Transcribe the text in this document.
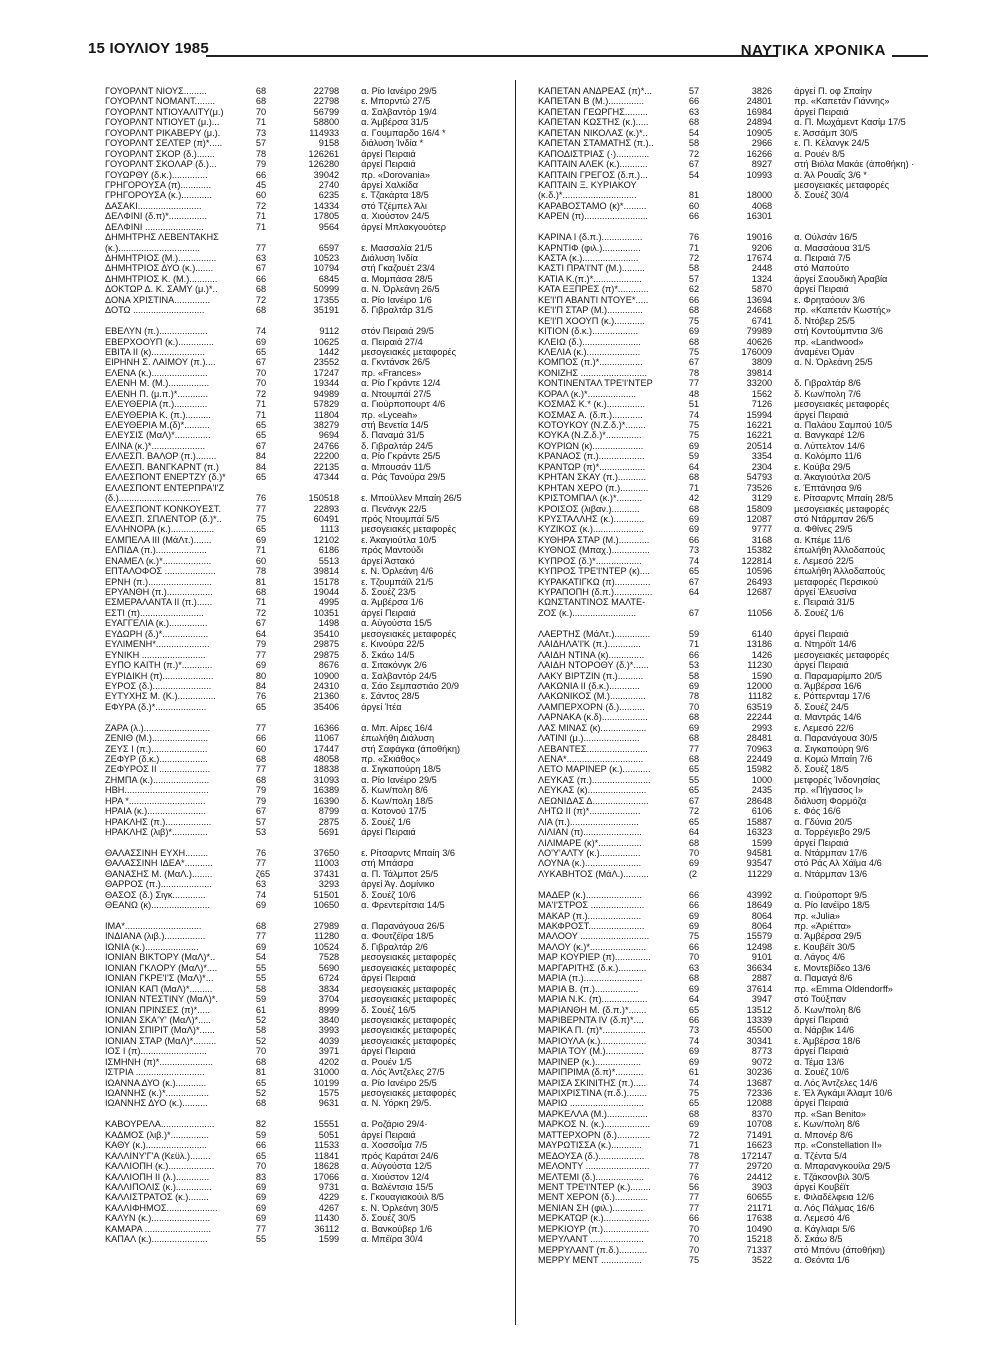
15 ΙΟΥΛΙΟΥ 1985	ΝΑΥΤΙΚΑ ΧΡΟΝΙΚΑ
ΓΟΥΟΡΛΝΤ ΝΙΟΥΣ.........	68	22798	α. Ρίο Ιανέιρο 29/5
ΓΟΥΟΡΛΝΤ ΝΟΜΑΝΤ........	68	22798	ε. Μπορντώ 27/5
ΓΟΥΟΡΛΝΤ ΝΤΙΟΥΑΛΙΤΥ(μ.)	70	56799	α. Σαλβαντόρ 19/4
ΓΟΥΟΡΛΝΤ ΝΤΙΟΥΕΤ (μ.)...	71	58800	α. Άμβέρσα 31/5
ΓΟΥΟΡΛΝΤ ΡΙΚΑΒΕΡΥ (μ.).	73	114933	α. Γουμπαρδο 16/4 *
ΓΟΥΟΡΛΝΤ ΣΕΛΤΕΡ (π)*.....	57	9158	διάλυση Ίνδία *
ΓΟΥΟΡΛΝΤ ΣΚΟΡ (δ.).......	78	126261	άργεί Πειραιά
ΓΟΥΟΡΛΝΤ ΣΚΟΛΑΡ (δ.)...	79	126280	άργεί Πειραιά
ΓΟΥΩΡΘΥ (δ.κ.)..............	66	39042	πρ. «Dorovania»
ΓΡΗΓΟΡΟΥΣΑ (π)............	45	2740	άργεί Χαλκίδα
ΓΡΗΓΟΡΟΥΣΑ (κ.)............	60	6235	ε. Τζακάρτα 18/5
ΔΑΣΑΚΙ.........................	72	14334	στό Τζέμπελ Άλι
ΔΕΛΦΙΝΙ (δ.π)*...............	71	17805	α. Χιούστον 24/5
ΔΕΛΦΙΝΙ .......................	71	9564	άργεί Μπλακγουότερ
ΔΗΜΗΤΡΗΣ ΛΕΒΕΝΤΑΚΗΣ
(κ.)................................	77	6597	ε. Μασσαλία 21/5
ΔΗΜΗΤΡΙΟΣ (Μ.)...............	63	10523	Διάλυση Ίνδία
ΔΗΜΗΤΡΙΟΣ ΔΥΟ (κ.).......	67	10794	στή Γκαζουέτ 23/4
ΔΗΜΗΤΡΙΟΣ Κ. (Μ.)...........	66	6845	α. Μομπάσα 28/5
ΔΟΚΤΩΡ Δ. Κ. ΣΑΜΥ (μ.)*..	68	50999	α. Ν. Όρλεάνη 26/5
ΔΟΝΑ ΧΡΙΣΤΙΝΑ..............	72	17355	α. Ρίο Ιανέιρο 1/6
ΔΟΤΩ ............................	68	35191	δ. Γιβραλτάρ 31/5
ΕΒΕΛΥΝ (π.)...................	74	9112	στόν Πειραιά 29/5
ΕΒΕΡΧΟΟΥΠ (κ.)..............	69	10625	α. Πειραιά 27/4
ΕΒΙΤΑ ΙΙ (κ).....................	65	1442	μεσογειακές μεταφορές
ΕΙΡΗΝΗ Σ. ΛΑΙΜΟΥ (π.)....	67	23552	α. Γκντάνσκ 26/5
ΕΛΕΝΑ (κ.)......................	70	17247	πρ. «Frances»
ΕΛΕΝΗ Μ. (Μ.)................	70	19344	α. Ρίο Γκράντε 12/4
ΕΛΕΝΗ Π. (μ.π.)*............	72	94989	α. Ντουμπάί 27/5
ΕΛΕΥΘΕΡΙΑ (π.).............	71	57829	α. Γιούρποπουρτ 4/6
ΕΛΕΥΘΕΡΙΑ Κ. (π.)..........	71	11804	πρ. «Lyceah»
ΕΛΕΥΘΕΡΙΑ Μ.(δ)*..........	65	38279	στή Βενετία 14/5
ΕΛΕΥΣΙΣ (ΜαΛ)*..............	65	9694	δ. Παναμά 31/5
ΕΛΙΝΑ (κ.)*.....................	67	24766	δ. Γιβραλτάρ 24/5
ΕΛΛΕΣΠ. ΒΑΛΟΡ (π.)........	84	22200	α. Ρίο Γκράντε 25/5
ΕΛΛΕΣΠ. ΒΑΝΓΚΑΡΝΤ (π.)	84	22135	α. Μπουσάν 11/5
ΕΛΛΕΣΠΟΝΤ ΕΝΕΡΤΖΥ (δ.)*	65	47344	α. Ράς Τανούρα 29/5
ΕΛΛΕΣΠΟΝΤ ΕΝΤΕΡΠΡΑ'Ι'Ζ
(δ.)................................	76	150518	ε. Μπούλλεν Μπαίη 26/5
ΕΛΛΕΣΠΟΝΤ ΚΟΝΚΟΥΕΣΤ.	77	22893	α. Πενάνγκ 22/5
ΕΛΛΕΣΠ. ΣΠΛΕΝΤΟΡ (δ.)*..	75	60491	πρός Ντουμπάί 5/5
ΕΛΛΗΝΟΡΑ (κ.).................	65	1113	μεσογειακές μεταφορές
ΕΛΜΠΕΛΑ ΙΙΙ (ΜάΛτ.).......	69	12102	ε. Άκαγιούτλα 10/5
ΕΛΠΙΔΑ (π.)....................	71	6186	πρός Μαντούδι
ΕΝΑΜΕΛ (κ.)*...................	60	5513	άργεί Άστακό
ΕΠΤΑΛΟΦΟΣ ....................	78	39814	ε. Ν. Όρλεάνη 4/6
ΕΡΝΗ (π.).........................	81	15178	ε. Τζουμπάϊλ 21/5
ΕΡΥΑΝΘΗ (π.)..................	68	19044	δ. Σουέζ 23/5
ΕΣΜΕΡΑΛΑΝΤΑ ΙΙ (π.)......	71	4995	α. Άμβέρσα 1/6
ΕΣΤΙ (π).........................	72	10351	άργεί Πειραιά
ΕΥΑΓΓΕΛΙΑ (κ.)...............	67	1498	α. Αύγούστα 15/5
ΕΥΔΩΡΗ (δ.)*..................	64	35410	μεσογειακές μεταφορές
ΕΥΛΙΜΕΝΗ*.....................	79	29875	ε. Κινούρα 22/5
ΕΥΝΙΚΗ .........................	77	29875	δ. Σκάω 14/5
ΕΥΠΟ ΚΑΙΤΗ (π.)*............	69	8676	α. Σιτακόνγκ 2/6
ΕΥΡΙΔΙΚΗ (π)....................	80	10900	α. Σαλβαντόρ 24/5
ΕΥΡΟΣ (δ.).......................	84	24310	α. Σάο Σεμπαστιάο 20/9
ΕΥΤΥΧΗΣ Μ. (Κ.)...............	76	21360	ε. Σάντος 28/5
ΕΦΥΡΑ (δ.)*....................	65	35406	άργεί Ίτέα
ΖΑΡΑ (λ.)..........................	77	16366	α. Μπ. Αίρες 16/4
ΖΕΝΙΘ (Μ.)......................	66	11067	έπωλήθη Διάλυση
ΖΕΥΣ Ι (π.)......................	60	17447	στή Σαφάγκα (άποθήκη)
ΖΕΦΥΡ (δ.κ.)...................	68	48058	πρ. «Σκιάθος»
ΖΕΦΥΡΟΣ ΙΙ ....................	77	18838	α. Σιγκαπούρη 18/5
ΖΗΜΠΑ (κ.)......................	68	31093	α. Ρίο Ιανέιρο 29/5
ΗΒΗ.................................	79	16389	δ. Κων/πολη 8/6
ΗΡΑ *..............................	79	16390	δ. Κων/πολη 18/5
ΗΡΑΙΑ (κ.).......................	67	8799	α. Κοτονού 17/5
ΗΡΑΚΛΗΣ (π.)..................	57	2875	δ. Σουέζ 1/6
ΗΡΑΚΛΗΣ (λιβ)*..............	53	5691	άργεί Πειραιά
ΘΑΛΑΣΣΙΝΗ ΕΥΧΗ.........	76	37650	ε. Ρίτσαρντς Μπαίη 3/6
ΘΑΛΑΣΣΙΝΗ ΙΔΕΑ*...........	77	11003	στή Μπάσρα
ΘΑΝΑΣΗΣ Μ. (ΜαΛ.)........	ζ65	37431	α. Π. Τάλμποτ 25/5
ΘΑΡΡΟΣ (π.)....................	63	3293	άργεί Άγ. Δομίνικο
ΘΑΣΟΣ (δ.) Σιγκ.............	74	51501	δ. Σουέζ 10/6
ΘΕΑΝΩ (κ).......................	69	10650	α. Φρεντερίτσια 14/5
ΙΜΑ*..............................	68	27989	α. Παρανάγουα 26/5
ΙΝΔΙΑΝΑ (λιβ.)................	77	11280	α. Φουτζέϊρα 18/5
ΙΩΝΙΑ (κ.).....................	69	10524	δ. Γιβραλτάρ 2/6
ΙΟΝΙΑΝ ΒΙΚΤΟΡΥ (ΜαΛ)*..	54	7528	μεσογειακές μεταφορές
ΙΟΝΙΑΝ ΓΚΛΟΡΥ (ΜαΛ)*....	55	5690	μεσογειακές μεταφορές
ΙΟΝΙΑΝ ΓΚΡΕ'Ι'Σ (ΜαΛ)*...	55	6724	άργεί Πειραιά
ΙΟΝΙΑΝ ΚΑΠ (ΜαΛ)*.........	58	3834	μεσογειακές μεταφορές
ΙΟΝΙΑΝ ΝΤΕΣΤΙΝΥ (ΜαΛ)*.	59	3704	μεσογειακές μεταφορές
ΙΟΝΙΑΝ ΠΡΙΝΣΕΣ (π)*.....	61	8999	δ. Σουέζ 16/5
ΙΟΝΙΑΝ ΣΚΑ'Υ' (ΜαΛ)*.....	52	3840	μεσογειακές μεταφορές
ΙΟΝΙΑΝ ΣΠΙΡΙΤ (ΜαΛ)*......	58	3993	μεσογειακές μεταφορές
ΙΟΝΙΑΝ ΣΤΑΡ (ΜαΛ)*.........	52	4039	μεσογειακές μεταφορές
ΙΟΣ Ι (π)..........................	70	3971	άργεί Πειραιά
ΙΣΜΗΝΗ (π)*.....................	68	4202	α. Ρουέν 1/5
ΙΣΤΡΙΑ ...........................	81	31000	α. Λός Άντζελες 27/5
ΙΩΑΝΝΑ ΔΥΟ (κ.)............	65	10199	α. Ρίο Ιανέιρο 25/5
ΙΩΑΝΝΗΣ (κ.)*.................	52	1575	μεσογειακές μεταφορές
ΙΩΑΝΝΗΣ ΔΥΟ (κ.)..........	68	9631	α. Ν. Υόρκη 29/5.
ΚΑΒΟΥΡΕΛΑ.....................	82	15551	α. Ροζάριο 29/4·
ΚΑΔΜΟΣ (λιβ.)*...............	59	5051	άργεί Πειραιά
ΚΑΘΥ (κ.)........................	66	11533	α. Χοσσοΐμα 7/5
ΚΑΛΛΙΝΥ'Γ'Α (Κεϋλ.)........	65	11841	πρός Καράτσι 24/6
ΚΑΛΛΙΟΠΗ (κ.)..................	70	18628	α. Αύγούστα 12/5
ΚΑΛΛΙΟΠΗ ΙΙ (λ.).............	83	17066	α. Χιούστον 12/4
ΚΑΛΛΙΠΟΛΙΣ (κ.)..............	69	9731	α. Βαλέντσια 15/5
ΚΑΛΛΙΣΤΡΑΤΟΣ (κ.)........	69	4229	ε. Γκουαγιακούιλ 8/5
ΚΑΛΛΙΦΗΜΟΣ....................	69	4267	ε. Ν. Όρλεάνη 30/5
ΚΑΛΥΝ (κ.).......................	69	11430	δ. Σουέζ 30/5
ΚΑΜΑΡΑ ..........................	77	36112	α. Βανκούβερ 1/6
ΚΑΠΑΛ (κ.)......................	55	1599	α. Μπέϊρα 30/4
ΚΑΠΕΤΑΝ ΑΝΔΡΕΑΣ (π)*...	57	3826	άργεί Π. οφ Σπαίην
ΚΑΠΕΤΑΝ Β (Μ.)..............	66	24801	πρ. «Καπετάν Γιάννης»
ΚΑΠΕΤΑΝ ΓΕΩΡΓΗΣ.........	63	16984	άργεί Πειραιά
ΚΑΠΕΤΑΝ ΚΩΣΤΗΣ (κ.).....	68	24894	α. Π. Μωχάμεντ Κασίμ 17/5
ΚΑΠΕΤΑΝ ΝΙΚΟΛΑΣ (κ.)*..	54	10905	ε. Άσσάμπ 30/5
ΚΑΠΕΤΑΝ ΣΤΑΜΑΤΗΣ (π.)..	58	2966	ε. Π. Κέλανγκ 24/5
ΚΑΠΟΔΙΣΤΡΙΑΣ (·).............	72	16266	α. Ρουέν 8/5
ΚΑΠΤΑΙΝ ΑΛΕΚ (κ.)...........	67	8927	στή Βιόλα Μακάε (άποθήκη) ·
ΚΑΠΤΑΙΝ ΓΡΕΓΟΣ (δ.π.)...	54	10993	α. Άλ Ρουαΐς 3/6 *
ΚΑΠΤΑΙΝ Ξ. ΚΥΡΙΑΚΟΥ	μεσογειακές μεταφορές
(κ.δ.)*.............................	81	18000	δ. Σουέζ 30/4
ΚΑΡΑΒΟΣΤΑΜΟ (κ)*.........	60	4068
ΚΑΡΕΝ (π).........................	66	16301
ΚΑΡΙΝΑ Ι (δ.π.)................	76	19016	α. Ούλσάν 16/5
ΚΑΡΝΤΙΦ (φιλ.)...............	71	9206	α. Μασσάουα 31/5
ΚΑΣΤΑ (κ.)......................	72	17674	α. Πειραιά 7/5
ΚΑΣΤΙ ΠΡΑ'Ι'ΝΤ (Μ.).........	58	2448	στό Μαπούτο
ΚΑΤΙΑ Κ.(π.)*...................	57	1324	άργεί Σαουδική Άραβία
ΚΑΤΑ ΕΞΠΡΕΣ (π)*............	62	5870	άργεί Πειραιά
ΚΕ'Ι'Π ΑΒΑΝΤΙ ΝΤΟΥΕ*.....	66	13694	ε. Φρηταόουν 3/6
ΚΕ'Ι'Π ΣΤΑΡ (Μ.)..............	68	24668	πρ. «Καπετάν Κωστής»
ΚΕ'Ι'Π ΧΟΟΥΠ (κ.)............	75	6741	δ. Ντόβερ 25/5
ΚΙΤΙΟΝ (δ.κ.)..................	69	79989	στή Κοντούμπντια 3/6
ΚΛΕΙΩ (δ.).......................	68	40626	πρ. «Landwood»
ΚΛΕΛΙΑ (κ.).....................	75	176009	άναμένει Όμάν
ΚΟΜΠΟΣ (π.)*.................	67	3809	α. Ν. Όρλεάνη 25/5
ΚΟΝΙΖΗΣ ..........................	78	39814
ΚΟΝΤΙΝΕΝΤΑΛ ΤΡΕ'Ι'ΝΤΕΡ	77	33200	δ. Γιβραλτάρ 8/6
ΚΟΡΑΛ (κ.)*...................	48	1562	δ. Κων/πολη 7/6
ΚΟΣΜΑΣ Κ.* (κ.)...............	51	7126	μεσογειακές μεταφορές
ΚΟΣΜΑΣ Α. (δ.π.)............	74	15994	άργεί Πειραιά
ΚΟΤΟΥΚΟΥ (Ν.Ζ.δ.)*........	75	16221	α. Παλάου Σαμπού 10/5
ΚΟΥΚΑ (Ν.Ζ.δ.)*..............	75	16221	α. Βανγκαρέ 12/6
ΚΟΥΡΙΩΝ (κ)....................	69	20514	α. Λύττελτον 14/6
ΚΡΑΝΑΟΣ (π.)..................	59	3354	α. Κολόμπο 11/6
ΚΡΑΝΤΩΡ (π)*..................	64	2304	ε. Κούβα 29/5
ΚΡΗΤΑΝ ΣΚΑΥ (π.)...........	68	54793	α. Άκαγιούτλα 20/5
ΚΡΗΤΑΝ ΧΕΡΟ (π.)...........	71	73526	ε. Έπτάνησα 9/6
ΚΡΙΣΤΟΜΠΑΛ (κ.)*..........	42	3129	ε. Ρίτσαρντς Μπαίη 28/5
ΚΡΟΙΣΟΣ (λιβαν.)...........	68	15809	μεσογειακές μεταφορές
ΚΡΥΣΤΑΛΛΗΣ (κ.)............	69	12087	στό Ντάρμπαν 26/5
ΚΥΖΙΚΟΣ (κ.)....................	69	9777	α. Φθίνες 29/5
ΚΥΘΗΡΑ ΣΤΑΡ (Μ.)............	66	3168	α. Κπέμε 11/6
ΚΥΘΝΟΣ (Μπαχ.)...............	73	15382	έπωλήθη Άλλοδαπούς
ΚΥΠΡΟΣ (δ.)*..................	74	122814	ε. Λεμεσό 22/5
ΚΥΠΡΟΣ ΤΡΕ'Ι'ΝΤΕΡ (κ)....	65	10596	έπωλήθη Άλλοδαπούς
ΚΥΡΑΚΑΤΙΓΚΩ (π)..............	67	26493	μεταφορές Περσικού
ΚΥΡΑΠΟΠΗ (δ.π.)...............	64	12687	άργεί Έλευσίνα
ΚΩΝΣΤΑΝΤΙΝΟΣ ΜΑΛΤΕ-	ε. Πειραιά 31/5
ΖΟΣ (κ.).........................	67	11056	δ. Σουέζ 1/6
ΛΑΕΡΤΗΣ (ΜάΛτ.)..............	59	6140	άργεί Πειραιά
ΛΑΙΔΗΛΑ'Ι'Κ (π.).............	71	13186	α. Ντηρόϊτ 14/6
ΛΑΙΔΗ ΝΤΙΝΑ (κ)..............	66	1426	μεσογειακές μεταφορές
ΛΑΙΔΗ ΝΤΟΡΟΘΥ (δ.)*......	53	11230	άργεί Πειραιά
ΛΑΚΥ ΒΙΡΤΖΙΝ (π.)..........	58	1590	α. Παραμαρίμπο 20/5
ΛΑΚΩΝΙΑ ΙΙ (δ.κ.)............	69	12000	α. Άμβέρσα 16/6
ΛΑΚΩΝΙΚΟΣ (Μ.)..............	78	11182	ε. Ρόττερνταμ 17/6
ΛΑΜΠΕΡΧΟΡΝ (δ.)..........	70	63519	δ. Σουέζ 24/5
ΛΑΡΝΑΚΑ (κ.δ)..................	68	22244	α. Μαντράς 14/6
ΛΑΣ ΜΙΝΑΣ (κ)..................	69	2993	ε. Λεμεσό 22/6
ΛΑΤΙΝΙ (μ.)......................	68	28481	α. Παρανάγουα 30/5
ΛΕΒΑΝΤΕΣ........................	77	70963	α. Σιγκαπούρη 9/6
ΛΕΝΑ*..............................	68	22449	α. Κομώ Μπαίη 7/6
ΛΕΤΟ ΜΑΡΙΝΕΡ (κ.)...........	65	15982	δ. Σουέζ 18/5
ΛΕΥΚΑΣ (π.).......................	55	1000	μετφορές Ίνδονησίας
ΛΕΥΚΑΣ (κ).......................	65	2435	πρ. «Πήγασος Ι»
ΛΕΩΝΙΔΑΣ Δ......................	67	28648	διάλυση Φορμόζα
ΛΗΤΩ ΙΙ (π)*....................	72	6106	ε. Φός 16/6
ΛΙΑ (π.)...........................	65	15887	α. Γδύνια 20/5
ΛΙΛΙΑΝ (π).......................	64	16323	α. Τορρέγιεβο 29/5
ΛΙΛΙΜΑΡΕ (κ)*.................	68	1599	άργεί Πειραιά
ΛΟ'Υ'ΑΛΤΥ (κ.)................	70	94581	α. Ντάρμπαν 17/6
ΛΟΥΝΑ (κ.)......................	69	93547	στό Ράς Αλ Χάϊμα 4/6
ΛΥΚΑΒΗΤΟΣ (ΜάΛ.)..........	(2	11229	α. Ντάρμπαν 13/6
ΜΑΔΕΡ (κ.)......................	66	43992	α. Γιούροπορτ 9/5
ΜΑ'Ι'ΣΤΡΟΣ .....................	66	18649	α. Ρίο Ιανέϊρο 18/5
ΜΑΚΑΡ (π.).....................	69	8064	πρ. «Julia»
ΜΑΚΦΡΟΣΤ......................	69	8064	πρ. «Άριέττα»
ΜΑΛΟΟΥ ...........................	75	15579	α. Άμβέρσα 29/5
ΜΑΛΟΥ (κ.)*......................	66	12498	ε. Κουβέϊτ 30/5
ΜΑΡ ΚΟΥΡΙΕΡ (π)..............	70	9101	α. Λάγος 4/6
ΜΑΡΓΑΡΙΤΗΣ (δ.κ.)...........	63	36634	ε. Μοντεβίδεο 13/6
ΜΑΡΙΑ (π.).......................	68	2887	α. Παμαγά 8/6
ΜΑΡΙΑ Β. (π.).................	69	37614	πρ. «Emma Oldendorff»
ΜΑΡΙΑ Ν.Κ. (π)..................	64	3947	στό Τούξπαν
ΜΑΡΙΑΝΘΗ Μ. (δ.π.)*.......	65	13512	δ. Κων/πολη 8/6
ΜΑΡΙΒΕΡΝΤΑ ΙV (δ.π)*....	66	13339	άργεί Πειραιά
ΜΑΡΙΚΑ Π. (π)*.................	73	45500	α. Νάρβικ 14/6
ΜΑΡΙΟΥΛΑ (κ.)..................	74	30341	ε. Άμβέρσα 18/6
ΜΑΡΙΑ ΤΟΥ (Μ.)...............	69	8773	άργεί Πειραιά
ΜΑΡΙΝΕΡ (κ.)..................	69	9072	α. Τέμα 13/6
ΜΑΡΙΠΡΙΜΑ (δ.π)*...........	61	30236	α. Σουέζ 10/6
ΜΑΡΙΣΑ ΣΚΙΝΙΤΗΣ (π.).....	74	13687	α. Λός Άντζελες 14/6
ΜΑΡΙΧΡΙΣΤΙΝΑ (π.δ.)........	75	72336	ε. Έλ Άγκάμι Άλαμτ 10/6
ΜΑΡΙΩ .............................	65	12088	άργεί Πειραιά
ΜΑΡΚΕΛΛΑ (Μ.)................	68	8370	πρ. «San Benito»
ΜΑΡΚΟΣ Ν. (κ.)..................	69	10708	ε. Κων/πολη 8/6
ΜΑΤΤΕΡΧΟΡΝ (δ.).............	72	71491	α. Μπονέρ 8/6
ΜΑΥΡΩΤΙΣΣΑ (κ.)............	71	16623	πρ. «Constellation II»
ΜΕΔΟΥΣΑ (δ.)..................	78	172147	α. Τζέντα 5/4
ΜΕΛΟΝΤΥ .........................	77	29720	α. Μπαρανγκουίλα 29/5
ΜΕΛΤΕΜΙ (δ.)...................	76	24412	ε. Τζάκσονβιλ 30/5
ΜΕΝΤ ΤΡΕ'Ι'ΝΤΕΡ (κ.)........	56	3903	άργεί Κουβέϊτ
ΜΕΝΤ ΧΕΡΟΝ (δ.).............	77	60655	ε. Φιλαδέλφεια 12/6
ΜΕΝΙΑΝ ΣΗ (φιλ.)............	77	21171	α. Λός Πάλμας 16/6
ΜΕΡΚΑΤΩΡ (κ.)..................	66	17638	α. Λεμεσό 4/6
ΜΕΡΚΙΟΥΡ (π.)..................	70	10490	α. Κάγλιαρι 5/6
ΜΕΡΥΛΑΝΤ .....................	70	15218	δ. Σκάω 8/5
ΜΕΡΡΥΛΑΝΤ (π.δ.)...........	70	71337	στό Μπόνυ (άποθήκη)
ΜΕΡΡΥ ΜΕΝΤ ................	75	3522	α. Θεόντα 1/6
